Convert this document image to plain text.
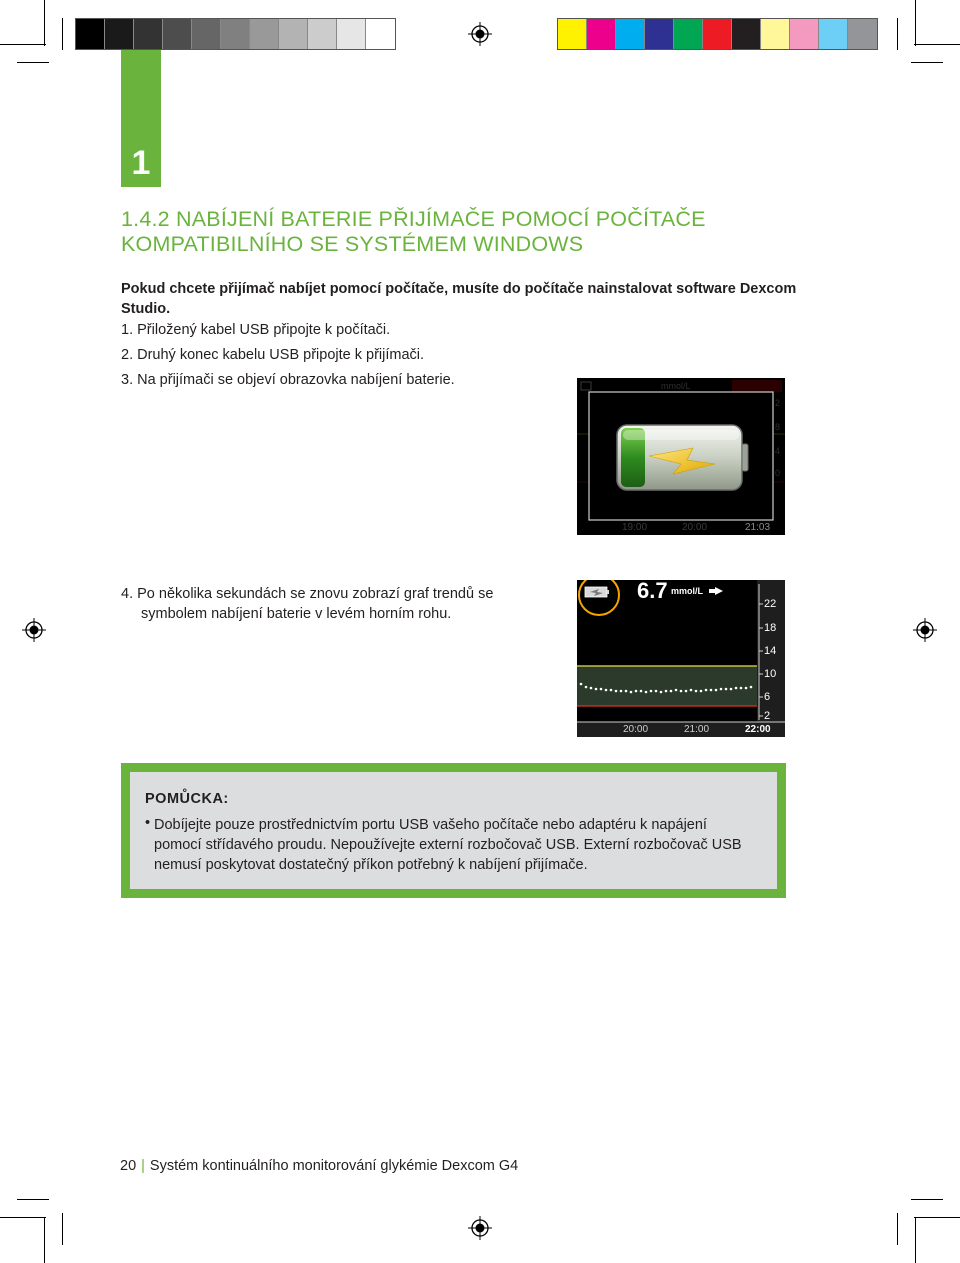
1
1.4.2 NABÍJENÍ BATERIE PŘIJÍMAČE POMOCÍ POČÍTAČE
KOMPATIBILNÍHO SE SYSTÉMEM WINDOWS
Pokud chcete přijímač nabíjet pomocí počítače, musíte do počítače nainstalovat software Dexcom Studio.
1. Přiložený kabel USB připojte k počítači.
2. Druhý konec kabelu USB připojte k přijímači.
3. Na přijímači se objeví obrazovka nabíjení baterie.
19:00	20:00	21:03
mmol/L
2
8
4
0
4. Po několika sekundách se znovu zobrazí graf trendů se
symbolem nabíjení baterie v levém horním rohu.
6.7 mmol/L
22
18
14
10
6
2
20:00	21:00	22:00
POMŮCKA:
• Dobíjejte pouze prostřednictvím portu USB vašeho počítače nebo adaptéru k napájení pomocí střídavého proudu. Nepoužívejte externí rozbočovač USB. Externí rozbočovač USB nemusí poskytovat dostatečný příkon potřebný k nabíjení přijímače.
20 | Systém kontinuálního monitorování glykémie Dexcom G4
